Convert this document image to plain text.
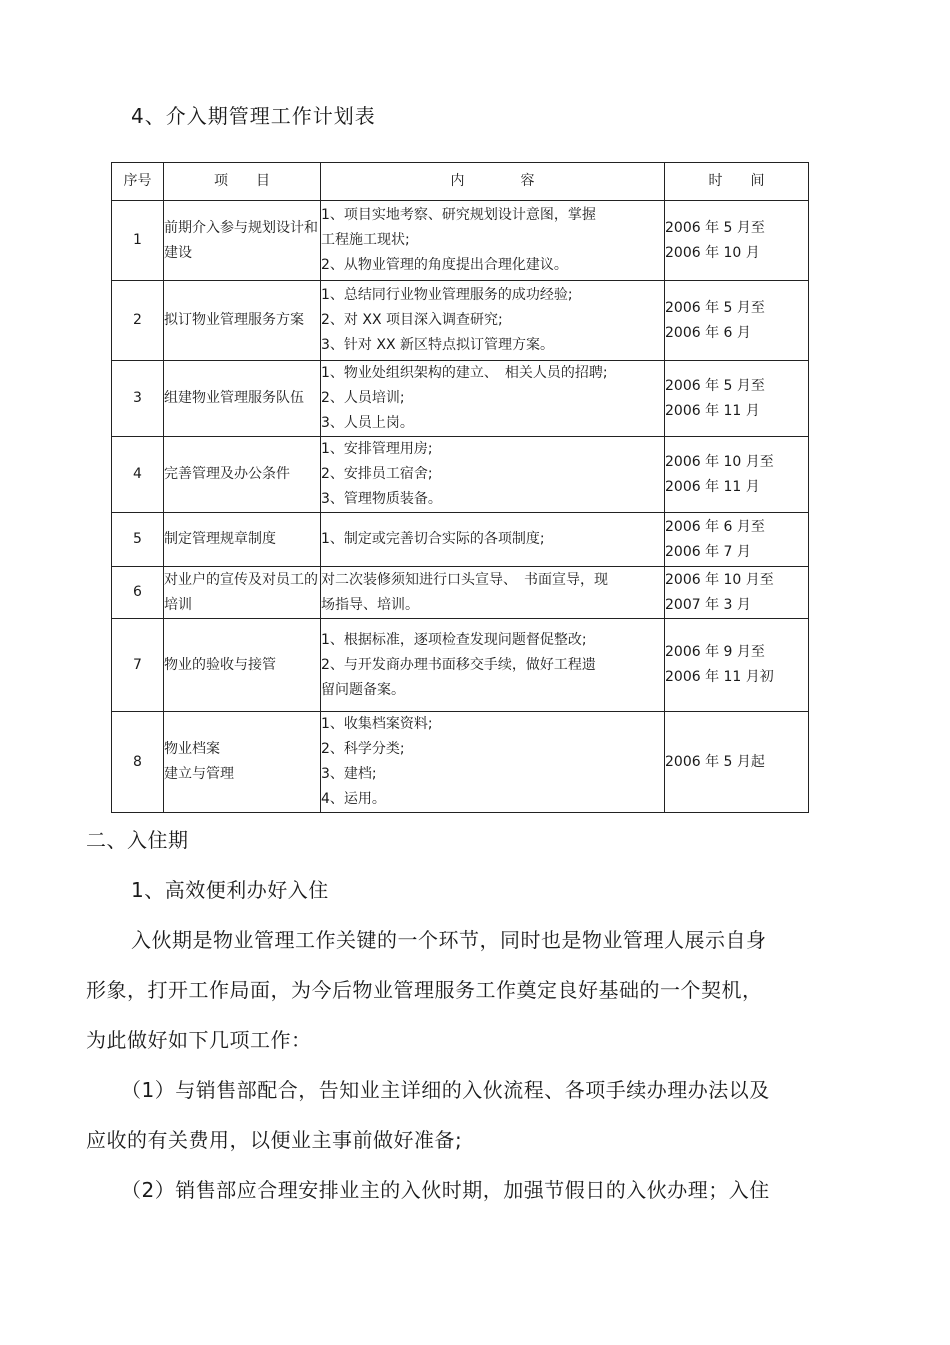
4、介入期管理工作计划表
序号	项　　目	内　　　　容	时　　间
1	前期介入参与规划设计和建设	1、项目实地考察、研究规划设计意图，掌握
工程施工现状;
2、从物业管理的角度提出合理化建议。	2006 年 5 月至
2006 年 10 月

2	拟订物业管理服务方案	1、总结同行业物业管理服务的成功经验;
2、对 XX 项目深入调查研究;
3、针对 XX 新区特点拟订管理方案。	2006 年 5 月至
2006 年 6 月

3	组建物业管理服务队伍	1、物业处组织架构的建立、　相关人员的招聘;
2、人员培训;
3、人员上岗。	2006 年 5 月至
2006 年 11 月

4	完善管理及办公条件	1、安排管理用房;
2、安排员工宿舍;
3、管理物质装备。	2006 年 10 月至
2006 年 11 月

5	制定管理规章制度	1、制定或完善切合实际的各项制度;	2006 年 6 月至
2006 年 7 月

6	对业户的宣传及对员工的培训	对二次装修须知进行口头宣导、　书面宣导，现
场指导、培训。	2006 年 10 月至
2007 年 3 月

7	物业的验收与接管	1、根据标准，逐项检查发现问题督促整改;
2、与开发商办理书面移交手续，做好工程遗
留问题备案。	2006 年 9 月至
2006 年 11 月初

8	物业档案
建立与管理	1、收集档案资料;
2、科学分类;
3、建档;
4、运用。	2006 年 5 月起
二、入住期
1、高效便利办好入住
入伙期是物业管理工作关键的一个环节，同时也是物业管理人展示自身
形象，打开工作局面，为今后物业管理服务工作奠定良好基础的一个契机，
为此做好如下几项工作：
（1）与销售部配合，告知业主详细的入伙流程、各项手续办理办法以及
应收的有关费用，以便业主事前做好准备;
（2）销售部应合理安排业主的入伙时期，加强节假日的入伙办理；入住
